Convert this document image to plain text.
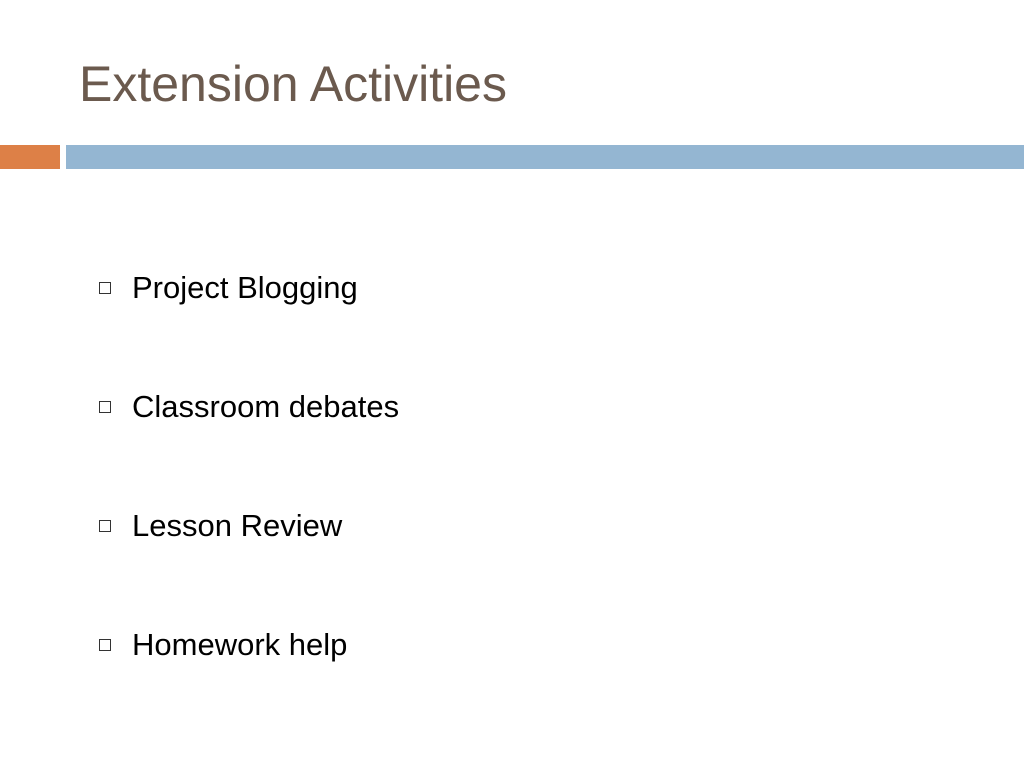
Extension Activities
Project Blogging
Classroom debates
Lesson Review
Homework help
